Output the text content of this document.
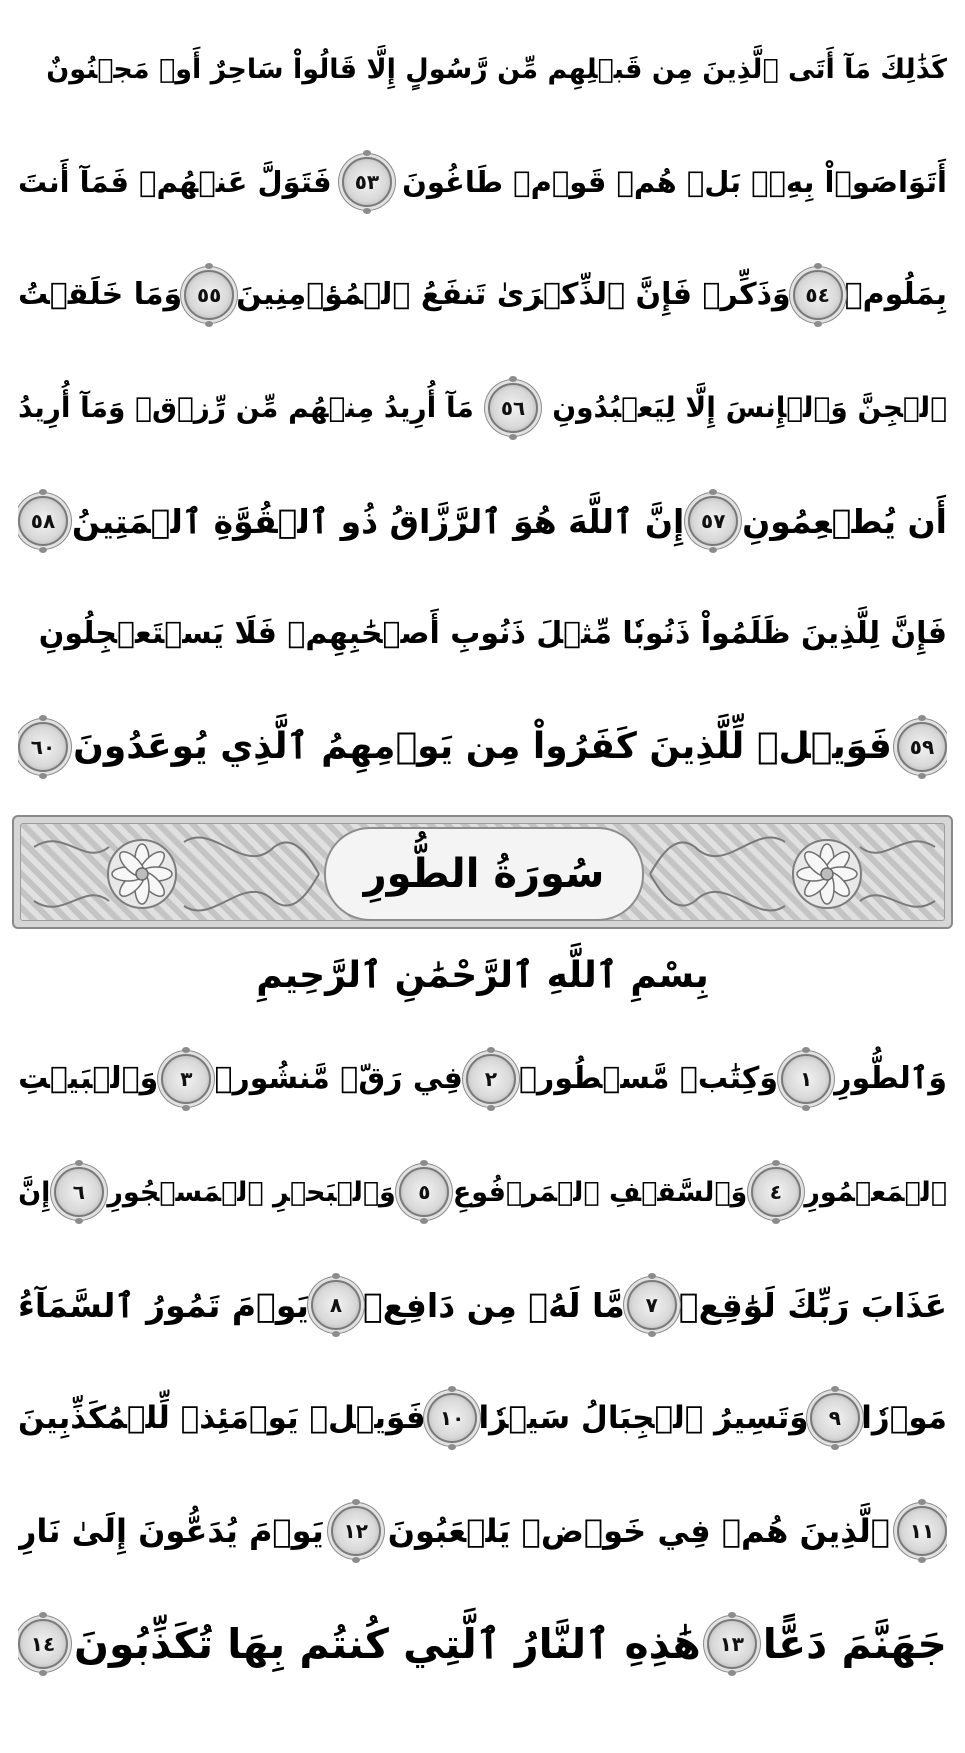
كَذَٰلِكَ مَآ أَتَى ٱلَّذِينَ مِن قَبۡلِهِم مِّن رَّسُولٍ إِلَّا قَالُواْ سَاحِرٌ أَوۡ مَجۡنُونٌ
أَتَوَاصَوۡاْ بِهِۦۚ بَلۡ هُمۡ قَوۡمٞ طَاغُونَ
٥٣
فَتَوَلَّ عَنۡهُمۡ فَمَآ أَنتَ
بِمَلُومٖ
٥٤
وَذَكِّرۡ فَإِنَّ ٱلذِّكۡرَىٰ تَنفَعُ ٱلۡمُؤۡمِنِينَ
٥٥
وَمَا خَلَقۡتُ
ٱلۡجِنَّ وَٱلۡإِنسَ إِلَّا لِيَعۡبُدُونِ
٥٦
مَآ أُرِيدُ مِنۡهُم مِّن رِّزۡقٖ وَمَآ أُرِيدُ
أَن يُطۡعِمُونِ
٥٧
إِنَّ ٱللَّهَ هُوَ ٱلرَّزَّاقُ ذُو ٱلۡقُوَّةِ ٱلۡمَتِينُ
٥٨
فَإِنَّ لِلَّذِينَ ظَلَمُواْ ذَنُوبٗا مِّثۡلَ ذَنُوبِ أَصۡحَٰبِهِمۡ فَلَا يَسۡتَعۡجِلُونِ
٥٩
فَوَيۡلٞ لِّلَّذِينَ كَفَرُواْ مِن يَوۡمِهِمُ ٱلَّذِي يُوعَدُونَ
٦٠
سُورَةُ الطُّورِ
بِسْمِ ٱللَّهِ ٱلرَّحْمَٰنِ ٱلرَّحِيمِ
وَٱلطُّورِ
١
وَكِتَٰبٖ مَّسۡطُورٖ
٢
فِي رَقّٖ مَّنشُورٖ
٣
وَٱلۡبَيۡتِ
ٱلۡمَعۡمُورِ
٤
وَٱلسَّقۡفِ ٱلۡمَرۡفُوعِ
٥
وَٱلۡبَحۡرِ ٱلۡمَسۡجُورِ
٦
إِنَّ
عَذَابَ رَبِّكَ لَوَٰقِعٞ
٧
مَّا لَهُۥ مِن دَافِعٖ
٨
يَوۡمَ تَمُورُ ٱلسَّمَآءُ
مَوۡرٗا
٩
وَتَسِيرُ ٱلۡجِبَالُ سَيۡرٗا
١٠
فَوَيۡلٞ يَوۡمَئِذٖ لِّلۡمُكَذِّبِينَ
١١
ٱلَّذِينَ هُمۡ فِي خَوۡضٖ يَلۡعَبُونَ
١٢
يَوۡمَ يُدَعُّونَ إِلَىٰ نَارِ
جَهَنَّمَ دَعًّا
١٣
هَٰذِهِ ٱلنَّارُ ٱلَّتِي كُنتُم بِهَا تُكَذِّبُونَ
١٤
